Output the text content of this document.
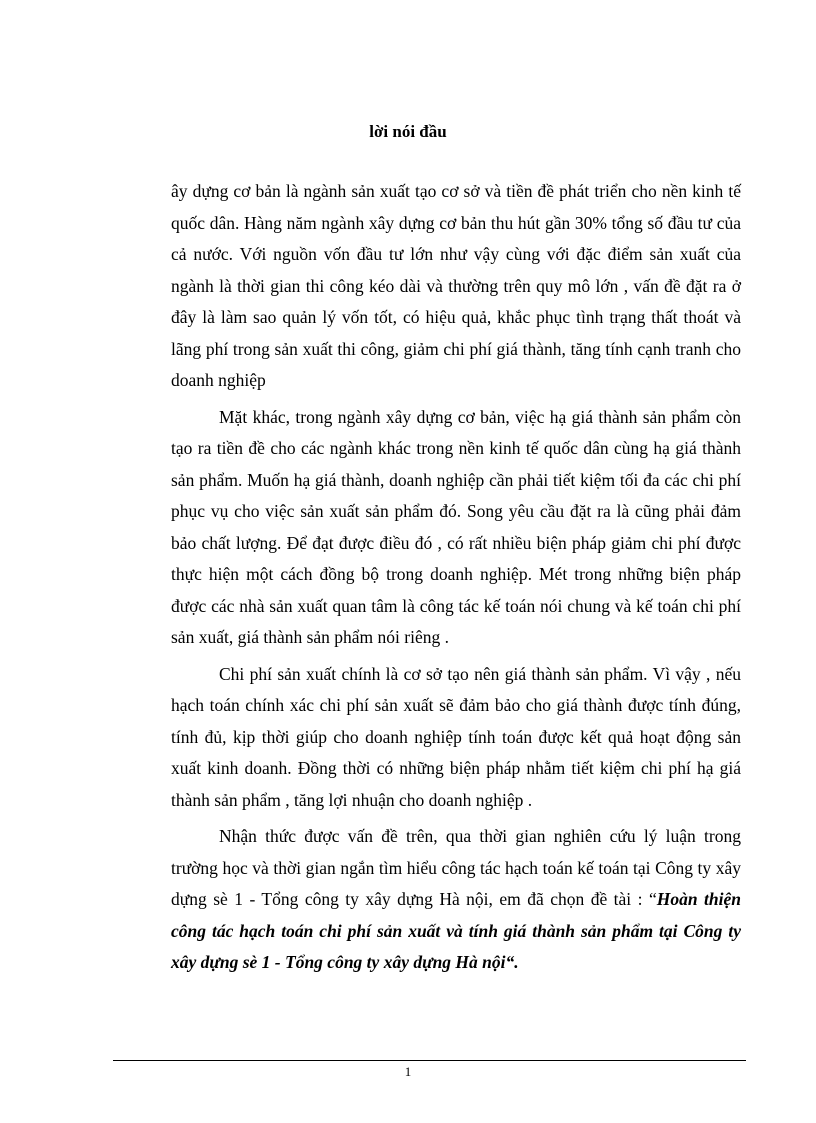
lời nói đầu

ây dựng cơ bản là ngành sản xuất tạo cơ sở và tiền đề phát triển cho nền kinh tế quốc dân. Hàng năm ngành xây dựng cơ bản thu hút gần 30% tổng số đầu tư của cả nước. Với nguồn vốn đầu tư lớn như vậy cùng với đặc điểm sản xuất của ngành là thời gian thi công kéo dài và thường trên quy mô lớn , vấn đề đặt ra ở đây là làm sao quản lý vốn tốt, có hiệu quả, khắc phục tình trạng thất thoát và lãng phí trong sản xuất thi công, giảm chi phí giá thành, tăng tính cạnh tranh cho doanh nghiệp

Mặt khác, trong ngành xây dựng cơ bản, việc hạ giá thành sản phẩm còn tạo ra tiền đề cho các ngành khác trong nền kinh tế quốc dân cùng hạ giá thành sản phẩm. Muốn hạ giá thành, doanh nghiệp cần phải tiết kiệm tối đa các chi phí phục vụ cho việc sản xuất sản phẩm đó. Song yêu cầu đặt ra là cũng phải đảm bảo chất lượng. Để đạt được điều đó , có rất nhiều biện pháp giảm chi phí được thực hiện một cách đồng bộ trong doanh nghiệp. Mét trong những biện pháp được các nhà sản xuất quan tâm là công tác kế toán nói chung và kế toán chi phí sản xuất, giá thành sản phẩm nói riêng .

Chi phí sản xuất chính là cơ sở tạo nên giá thành sản phẩm. Vì vậy , nếu hạch toán chính xác chi phí sản xuất sẽ đảm bảo cho giá thành được tính đúng, tính đủ, kịp thời giúp cho doanh nghiệp tính toán được kết quả hoạt động sản xuất kinh doanh. Đồng thời có những biện pháp nhằm tiết kiệm chi phí hạ giá thành sản phẩm , tăng lợi nhuận cho doanh nghiệp .

Nhận thức được vấn đề trên, qua thời gian nghiên cứu lý luận trong trường học và thời gian ngắn tìm hiểu công tác hạch toán kế toán tại Công ty xây dựng sè 1 - Tổng công ty xây dựng Hà nội, em đã chọn đề tài : “Hoàn thiện công tác hạch toán chi phí sản xuất và tính giá thành sản phẩm tại Công ty xây dựng sè 1 - Tổng công ty xây dựng Hà nội“.

1
